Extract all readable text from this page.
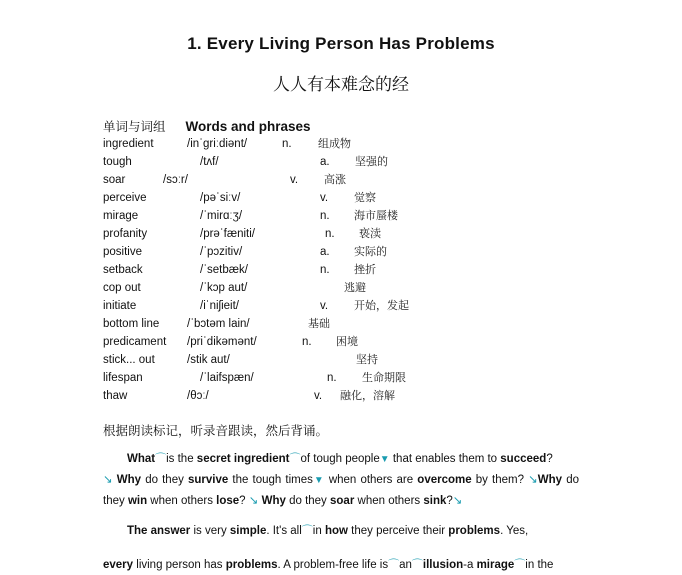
1. Every Living Person Has Problems
人人有本难念的经
单词与词组 Words and phrases
ingredient	/inˈɡriːdiənt/	n. 组成物
tough	/tʌf/	a. 坚强的
soar	/sɔːr/	v. 高涨
perceive	/pəˈsiːv/	v. 觉察
mirage	/ˈmirɑːʒ/	n. 海市蜃楼
profanity	/prəˈfæniti/	n. 亵渎
positive	/ˈpɔzitiv/	a. 实际的
setback	/ˈsetbæk/	n. 挫折
cop out	/ˈkɔp aut/	逃避
initiate	/iˈniʃieit/	v. 开始，发起
bottom line /ˈbɔtəm lain/	基础
predicament /priˈdikəmənt/	n. 困境
stick... out	/stik aut/	坚持
lifespan	/ˈlaifspæn/	n. 生命期限
thaw	/θɔː/	v. 融化，溶解
根据朗读标记，听录音跟读，然后背诵。

What⌒is the secret ingredient⌒of tough people▼ that enables them to succeed?

↘ Why do they survive the tough times▼ when others are overcome by them? ↘Why do they win when others lose? ↘ Why do they soar when others sink?↘

The answer is very simple. It's all⌒in how they perceive their problems. Yes,

every living person has problems. A problem-free life is⌒an⌒illusion-a mirage⌒in the
